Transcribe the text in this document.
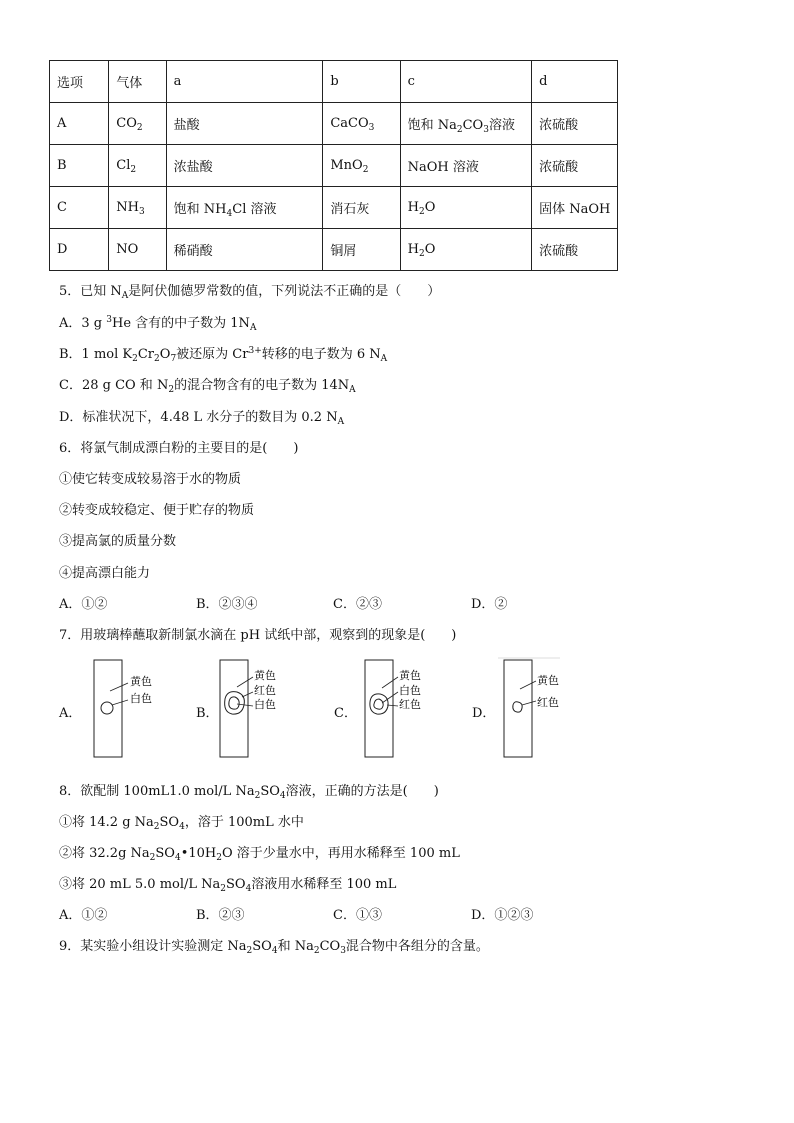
选项	气体	a	b	c	d
A	$CO_2$	盐酸	CaCO$_3$	饱和 $Na_2CO_3$溶液	浓硫酸
B	$Cl_2$	浓盐酸	MnO$_2$	NaOH 溶液	浓硫酸
C	$NH_3$	饱和 $NH_4Cl$ 溶液	消石灰	$H_2O$	固体 NaOH
D	NO	稀硝酸	铜屑	$H_2O$	浓硫酸
5．已知 $N_A$是阿伏伽德罗常数的值，下列说法不正确的是（　　）
A．3 g $^3$He 含有的中子数为 $1N_A$
B．1 mol $K_2Cr_2O_7$被还原为 $Cr^{3+}$转移的电子数为 6 $N_A$
C．28 g CO 和 $N_2$的混合物含有的电子数为 $14N_A$
D．标准状况下，4.48 L 水分子的数目为 0.2 $N_A$
6．将氯气制成漂白粉的主要目的是(　　)
①使它转变成较易溶于水的物质
②转变成较稳定、便于贮存的物质
③提高氯的质量分数
④提高漂白能力
A．①②	B．②③④	C．②③	D．②
7．用玻璃棒蘸取新制氯水滴在 pH 试纸中部，观察到的现象是(　　)
A．
黄色
白色
B．
黄色
红色
白色
C．
黄色
白色
红色
D．
黄色
红色
8．欲配制 100mL1.0 mol/L $Na_2SO_4$溶液，正确的方法是(　　)
①将 14.2 g $Na_2SO_4$，溶于 100mL 水中
②将 32.2g $Na_2SO_4•10H_2O$ 溶于少量水中，再用水稀释至 100 mL
③将 20 mL 5.0 mol/L $Na_2SO_4$溶液用水稀释至 100 mL
A．①②	B．②③	C．①③	D．①②③
9．某实验小组设计实验测定 $Na_2SO_4$和 $Na_2CO_3$混合物中各组分的含量。
